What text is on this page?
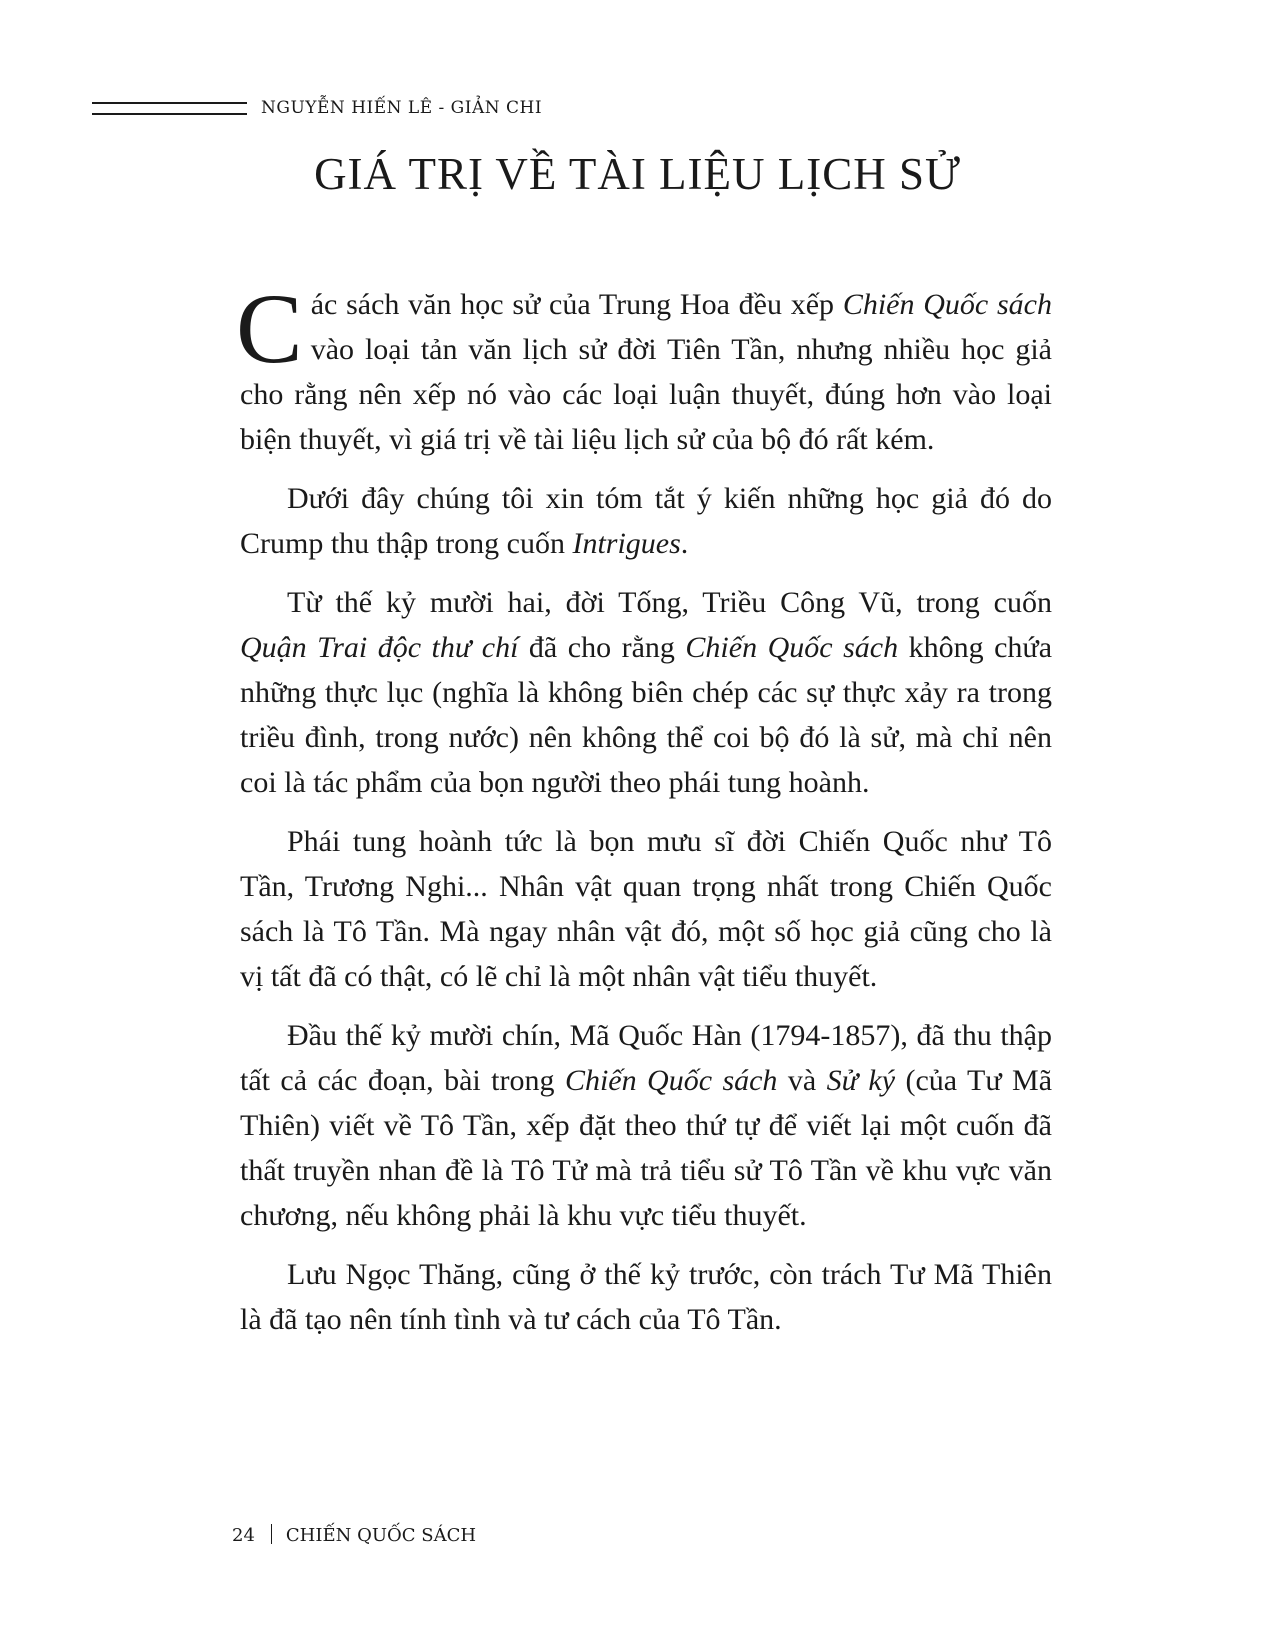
NGUYỄN HIẾN LÊ - GIẢN CHI
GIÁ TRỊ VỀ TÀI LIỆU LỊCH SỬ

Các sách văn học sử của Trung Hoa đều xếp Chiến Quốc sách vào loại tản văn lịch sử đời Tiên Tần, nhưng nhiều học giả cho rằng nên xếp nó vào các loại luận thuyết, đúng hơn vào loại biện thuyết, vì giá trị về tài liệu lịch sử của bộ đó rất kém.

Dưới đây chúng tôi xin tóm tắt ý kiến những học giả đó do Crump thu thập trong cuốn Intrigues.

Từ thế kỷ mười hai, đời Tống, Triều Công Vũ, trong cuốn Quận Trai độc thư chí đã cho rằng Chiến Quốc sách không chứa những thực lục (nghĩa là không biên chép các sự thực xảy ra trong triều đình, trong nước) nên không thể coi bộ đó là sử, mà chỉ nên coi là tác phẩm của bọn người theo phái tung hoành.

Phái tung hoành tức là bọn mưu sĩ đời Chiến Quốc như Tô Tần, Trương Nghi... Nhân vật quan trọng nhất trong Chiến Quốc sách là Tô Tần. Mà ngay nhân vật đó, một số học giả cũng cho là vị tất đã có thật, có lẽ chỉ là một nhân vật tiểu thuyết.

Đầu thế kỷ mười chín, Mã Quốc Hàn (1794-1857), đã thu thập tất cả các đoạn, bài trong Chiến Quốc sách và Sử ký (của Tư Mã Thiên) viết về Tô Tần, xếp đặt theo thứ tự để viết lại một cuốn đã thất truyền nhan đề là Tô Tử mà trả tiểu sử Tô Tần về khu vực văn chương, nếu không phải là khu vực tiểu thuyết.

Lưu Ngọc Thăng, cũng ở thế kỷ trước, còn trách Tư Mã Thiên là đã tạo nên tính tình và tư cách của Tô Tần.

24 CHIẾN QUỐC SÁCH
